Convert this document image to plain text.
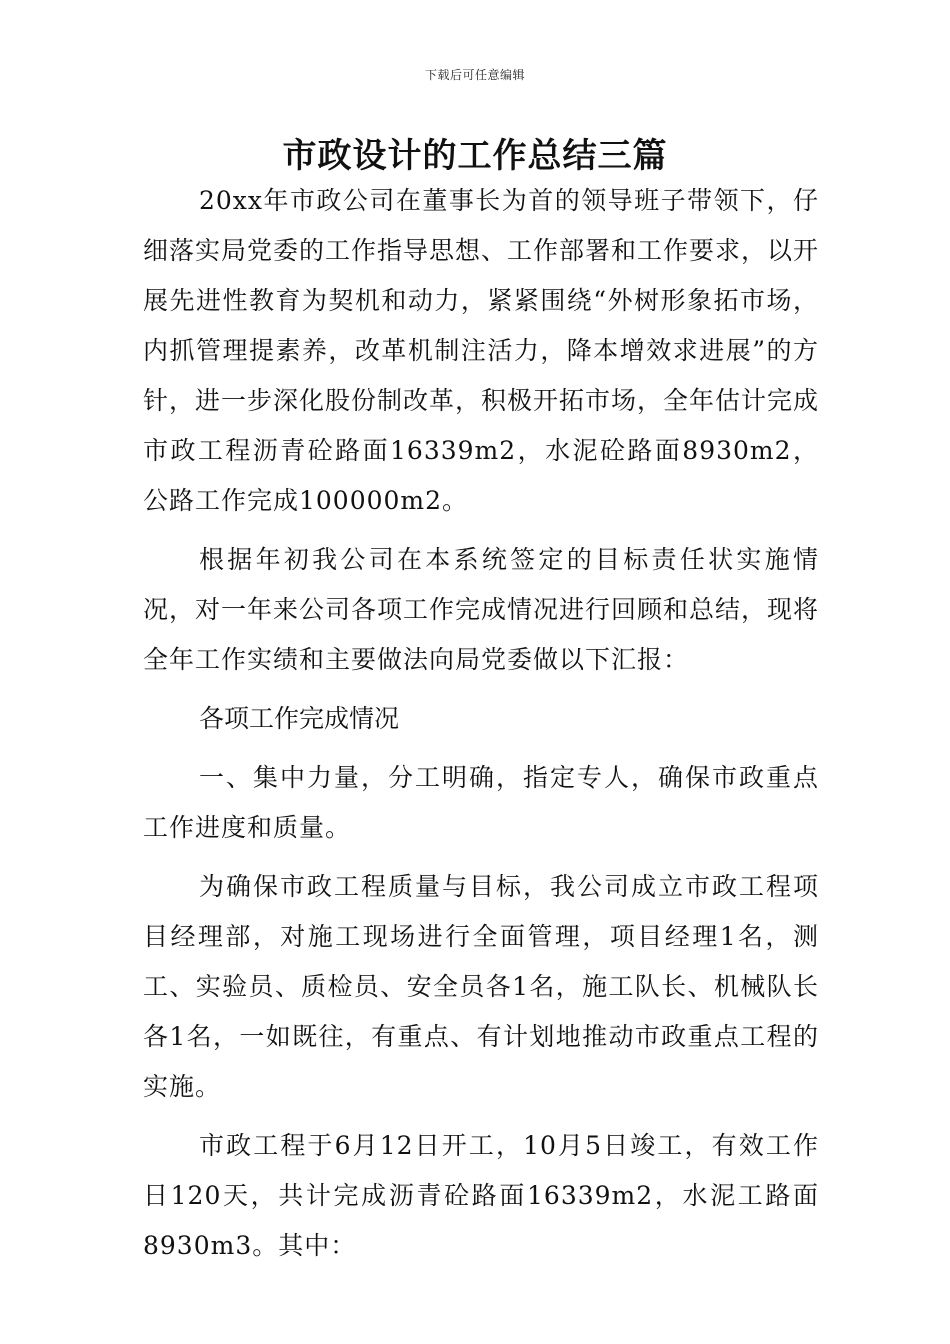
下载后可任意编辑
市政设计的工作总结三篇

20xx年市政公司在董事长为首的领导班子带领下，仔细落实局党委的工作指导思想、工作部署和工作要求，以开展先进性教育为契机和动力，紧紧围绕“外树形象拓市场，内抓管理提素养，改革机制注活力，降本增效求进展”的方针，进一步深化股份制改革，积极开拓市场，全年估计完成市政工程沥青砼路面16339m2，水泥砼路面8930m2，公路工作完成100000m2。

根据年初我公司在本系统签定的目标责任状实施情况，对一年来公司各项工作完成情况进行回顾和总结，现将全年工作实绩和主要做法向局党委做以下汇报：

各项工作完成情况

一、集中力量，分工明确，指定专人，确保市政重点工作进度和质量。

为确保市政工程质量与目标，我公司成立市政工程项目经理部，对施工现场进行全面管理，项目经理1名，测工、实验员、质检员、安全员各1名，施工队长、机械队长各1名，一如既往，有重点、有计划地推动市政重点工程的实施。

市政工程于6月12日开工，10月5日竣工，有效工作日120天，共计完成沥青砼路面16339m2，水泥工路面8930m3。其中：
